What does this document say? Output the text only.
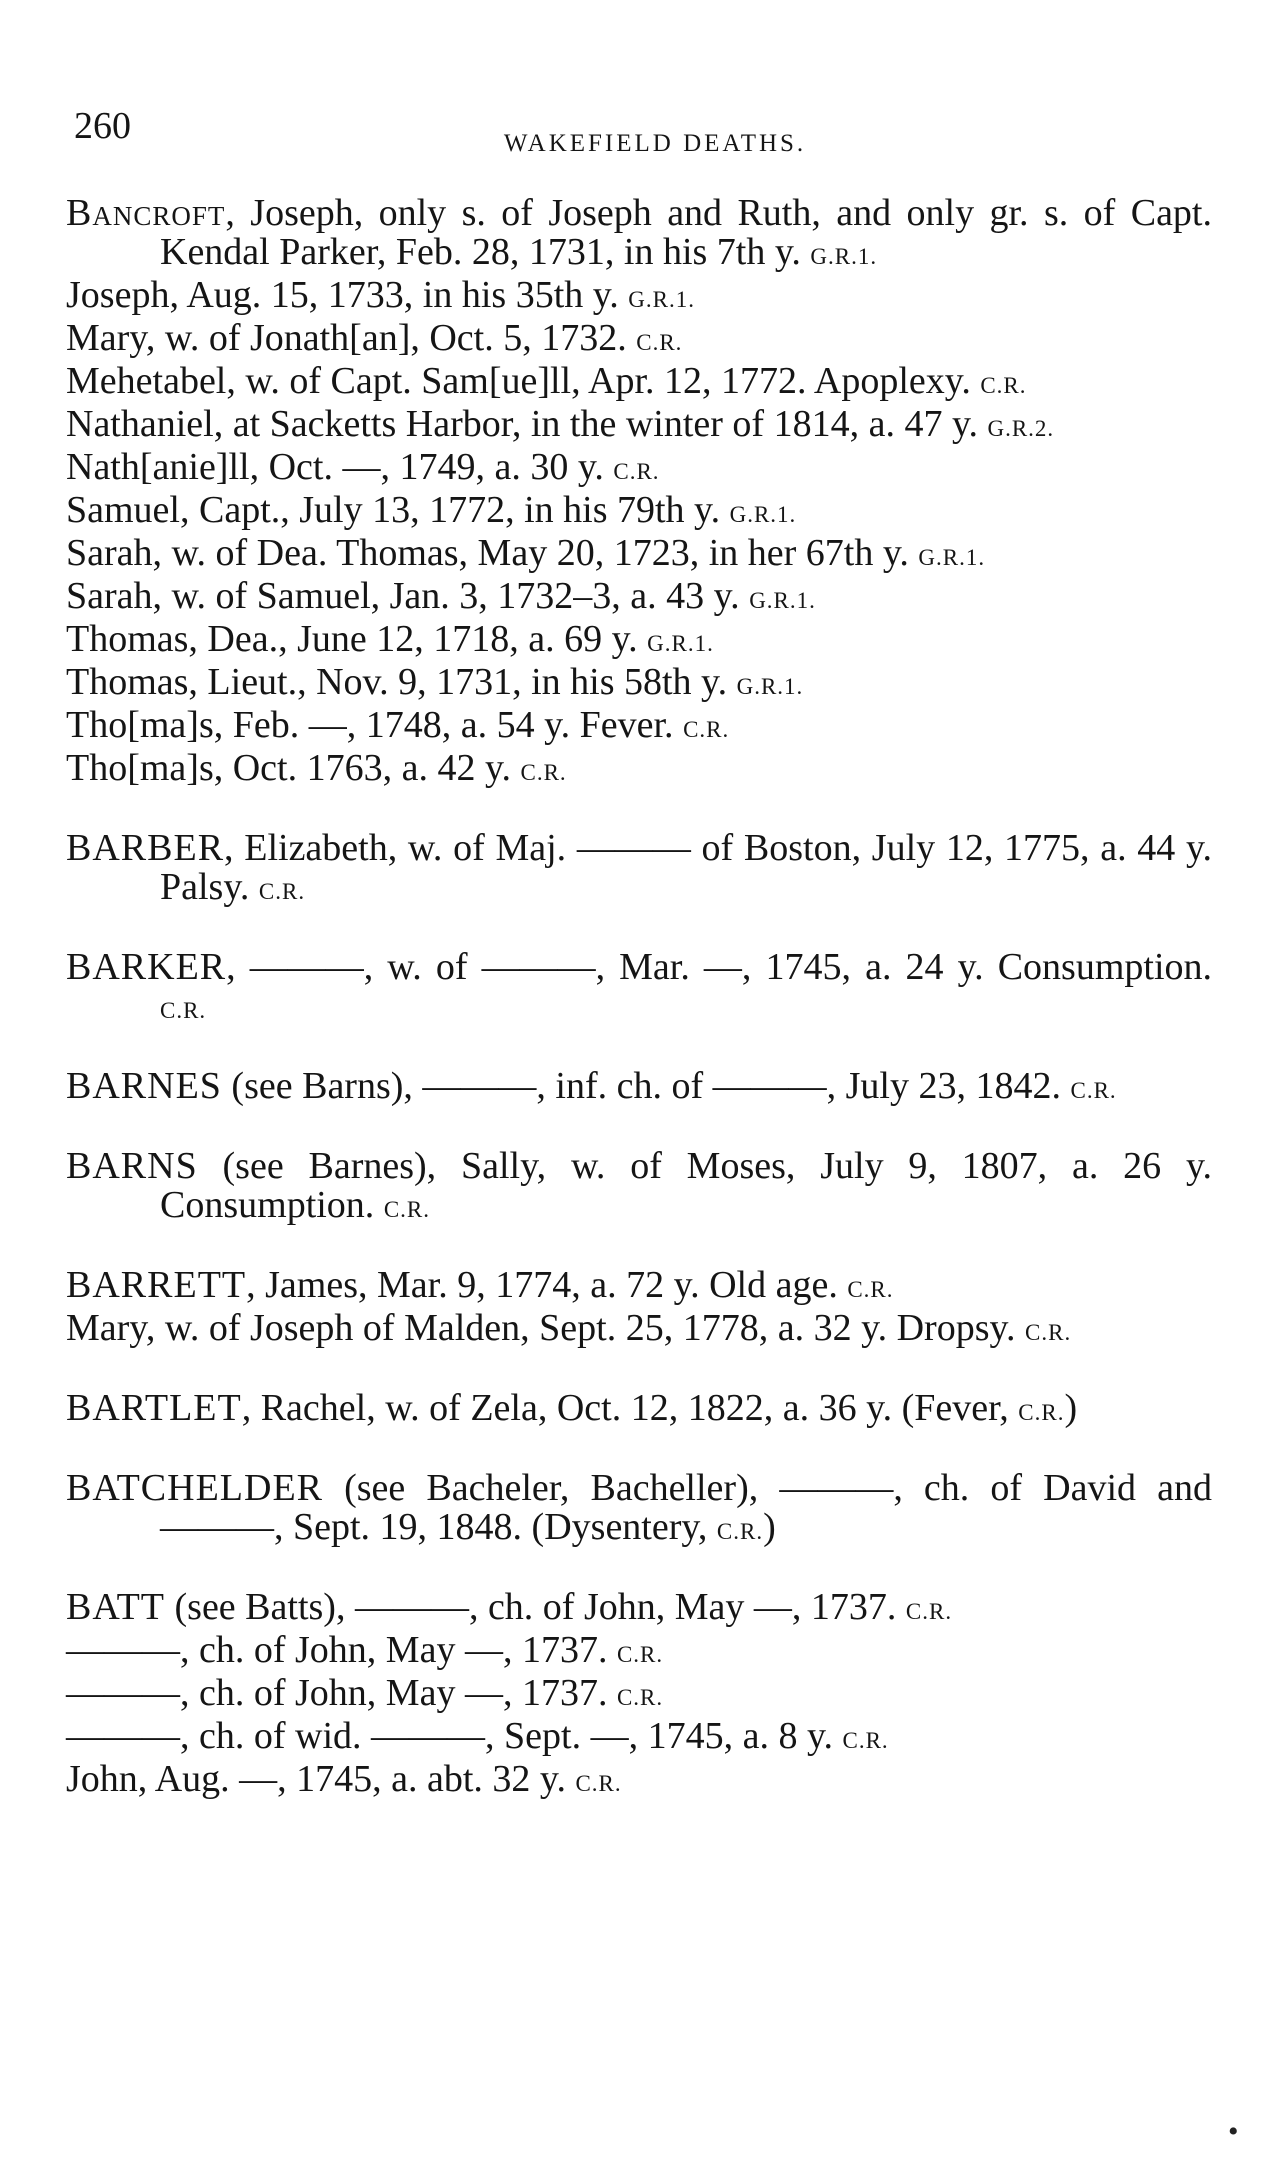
260	WAKEFIELD DEATHS.

Bancroft, Joseph, only s. of Joseph and Ruth, and only gr. s. of Capt. Kendal Parker, Feb. 28, 1731, in his 7th y. G.R.1.

Joseph, Aug. 15, 1733, in his 35th y. G.R.1.

Mary, w. of Jonath[an], Oct. 5, 1732. C.R.

Mehetabel, w. of Capt. Sam[ue]ll, Apr. 12, 1772. Apoplexy. C.R.

Nathaniel, at Sacketts Harbor, in the winter of 1814, a. 47 y. G.R.2.

Nath[anie]ll, Oct. —, 1749, a. 30 y. C.R.

Samuel, Capt., July 13, 1772, in his 79th y. G.R.1.

Sarah, w. of Dea. Thomas, May 20, 1723, in her 67th y. G.R.1.

Sarah, w. of Samuel, Jan. 3, 1732–3, a. 43 y. G.R.1.

Thomas, Dea., June 12, 1718, a. 69 y. G.R.1.

Thomas, Lieut., Nov. 9, 1731, in his 58th y. G.R.1.

Tho[ma]s, Feb. —, 1748, a. 54 y. Fever. C.R.

Tho[ma]s, Oct. 1763, a. 42 y. C.R.

BARBER, Elizabeth, w. of Maj. ——— of Boston, July 12, 1775, a. 44 y. Palsy. C.R.

BARKER, ———, w. of ———, Mar. —, 1745, a. 24 y. Consumption. C.R.

BARNES (see Barns), ———, inf. ch. of ———, July 23, 1842. C.R.

BARNS (see Barnes), Sally, w. of Moses, July 9, 1807, a. 26 y. Consumption. C.R.

BARRETT, James, Mar. 9, 1774, a. 72 y. Old age. C.R.

Mary, w. of Joseph of Malden, Sept. 25, 1778, a. 32 y. Dropsy. C.R.

BARTLET, Rachel, w. of Zela, Oct. 12, 1822, a. 36 y. (Fever, C.R.)

BATCHELDER (see Bacheler, Bacheller), ———, ch. of David and ———, Sept. 19, 1848. (Dysentery, C.R.)

BATT (see Batts), ———, ch. of John, May —, 1737. C.R.

———, ch. of John, May —, 1737. C.R.

———, ch. of John, May —, 1737. C.R.

———, ch. of wid. ———, Sept. —, 1745, a. 8 y. C.R.

John, Aug. —, 1745, a. abt. 32 y. C.R.

•
